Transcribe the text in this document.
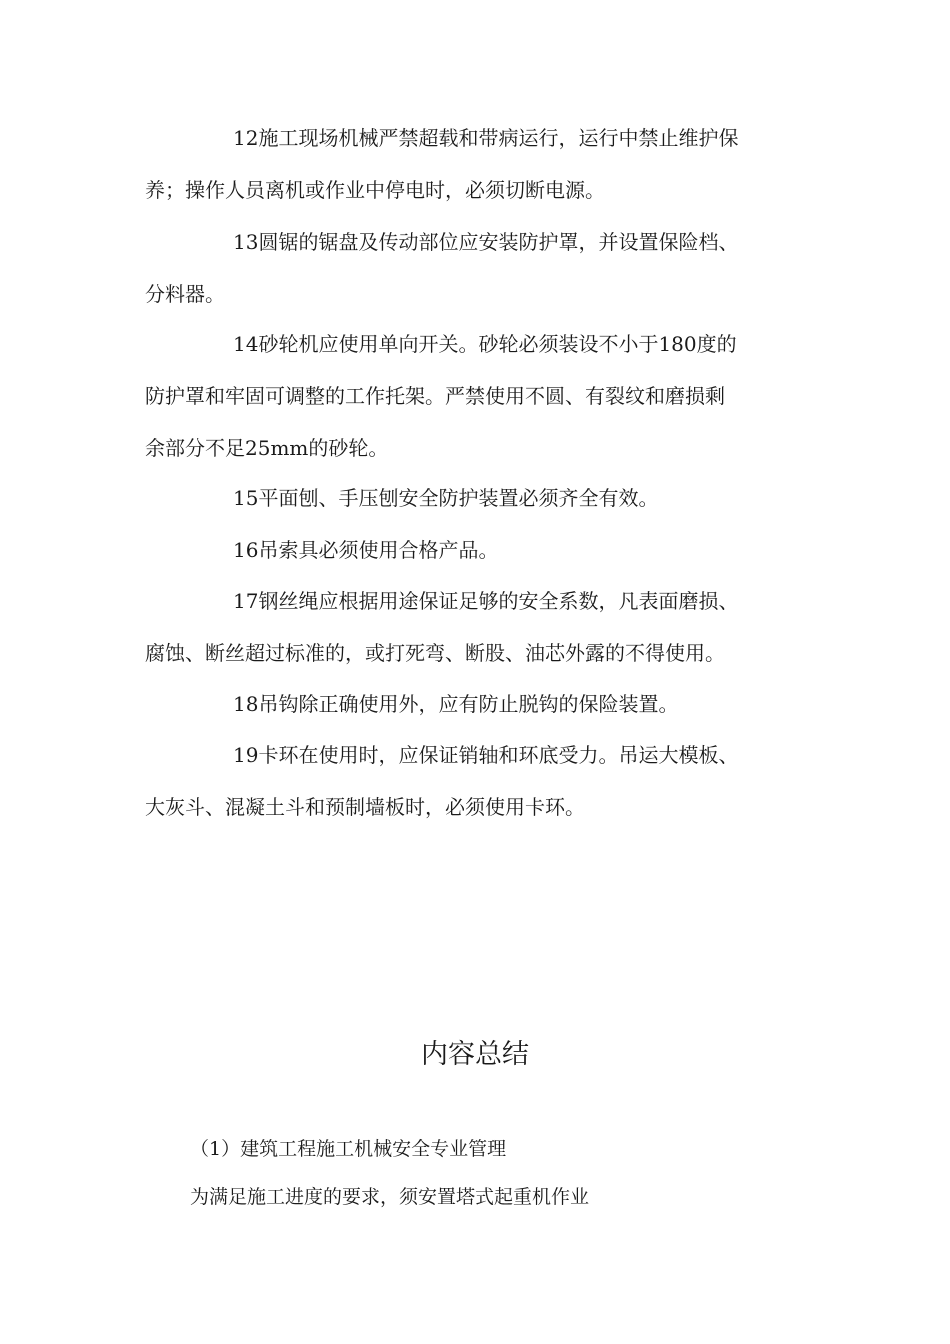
12施工现场机械严禁超载和带病运行，运行中禁止维护保
养；操作人员离机或作业中停电时，必须切断电源。

13圆锯的锯盘及传动部位应安装防护罩，并设置保险档、
分料器。

14砂轮机应使用单向开关。砂轮必须装设不小于180度的
防护罩和牢固可调整的工作托架。严禁使用不圆、有裂纹和磨损剩
余部分不足25mm的砂轮。

15平面刨、手压刨安全防护装置必须齐全有效。

16吊索具必须使用合格产品。

17钢丝绳应根据用途保证足够的安全系数，凡表面磨损、
腐蚀、断丝超过标准的，或打死弯、断股、油芯外露的不得使用。

18吊钩除正确使用外，应有防止脱钩的保险装置。

19卡环在使用时，应保证销轴和环底受力。吊运大模板、
大灰斗、混凝土斗和预制墙板时，必须使用卡环。

内容总结

（1）建筑工程施工机械安全专业管理

为满足施工进度的要求，须安置塔式起重机作业
